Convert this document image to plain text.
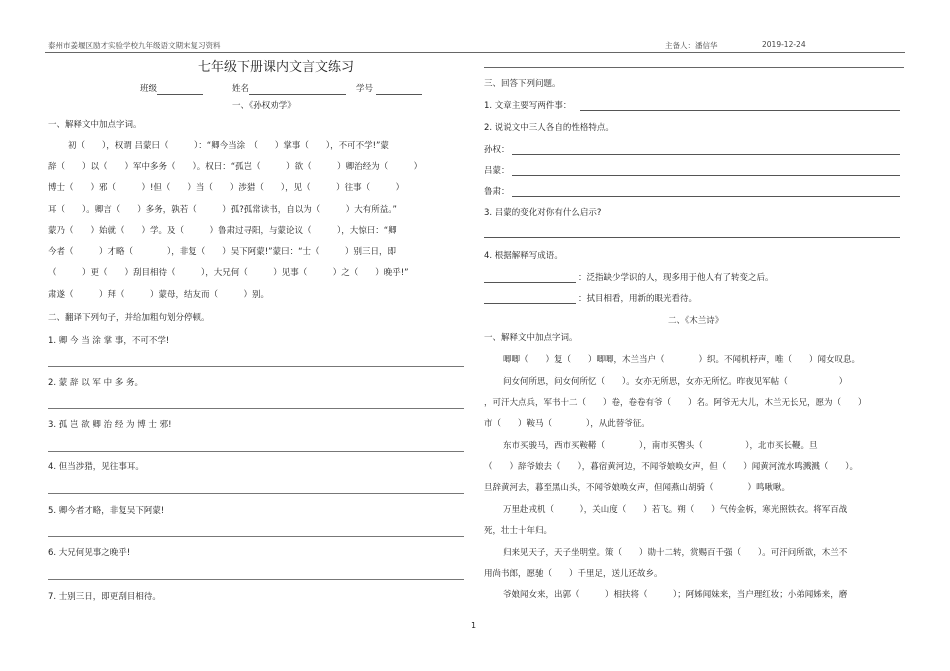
泰州市姜堰区励才实验学校九年级语文期末复习资料	主备人：潘信华	2019-12-24
七年级下册课内文言文练习
班级	姓名	学号
一、《孙权劝学》
一、解释文中加点字词。
初（　　），权谓 吕蒙曰（　　　）：“卿今当涂　（　　）掌事（　　），不可不学!”蒙
辞（　　）以（　　）军中多务（　　）。权曰：“孤岂（　　　）欲（　　　）卿治经为（　　　）
博士（　　）邪（　　　）!但（　　）当（　　）涉猎（　　），见（　　　）往事（　　　）
耳（　　）。卿言（　　）多务，孰若（　　　）孤?孤常读书，自以为（　　　）大有所益。”
蒙乃（　　）始就（　　）学。及（　　　）鲁肃过寻阳，与蒙论议（　　　），大惊曰：“卿
今者（　　　）才略（　　　　），非复（　　）吴下阿蒙!”蒙曰：“士（　　　）别三日，即
（　　　）更（　　）刮目相待（　　　），大兄何（　　　）见事（　　　）之（　　）晚乎!”
肃遂（　　　）拜（　　　）蒙母，结友而（　　　）别。
二、翻译下列句子，并给加粗句划分停顿。
1. 卿 今 当 涂 掌 事，不可不学!
2. 蒙 辞 以 军 中 多 务。
3. 孤 岂 欲 卿 治 经 为 博 士 邪!
4. 但当涉猎，见往事耳。
5. 卿今者才略，非复吴下阿蒙!
6. 大兄何见事之晚乎!
7. 士别三日，即更刮目相待。
三、回答下列问题。
1. 文章主要写两件事：
2. 说说文中三人各自的性格特点。
孙权：
吕蒙：
鲁肃：
3. 吕蒙的变化对你有什么启示?
4. 根据解释写成语。
：泛指缺少学识的人，现多用于他人有了转变之后。
：拭目相看，用新的眼光看待。
二、《木兰诗》
一、解释文中加点字词。
唧唧（　　）复（　　）唧唧，木兰当户（　　　　）织。不闻机杼声，唯（　　）闻女叹息。
问女何所思，问女何所忆（　　）。女亦无所思，女亦无所忆。昨夜见军帖（　　　　　　）
，可汗大点兵，军书十二（　　）卷，卷卷有爷（　　）名。阿爷无大儿，木兰无长兄，愿为（　　）
市（　　）鞍马（　　　　），从此替爷征。
东市买骏马，西市买鞍鞯（　　　　），南市买辔头（　　　　　），北市买长鞭。旦
（　　）辞爷娘去（　　），暮宿黄河边，不闻爷娘唤女声，但（　　）闻黄河流水鸣溅溅（　　）。
旦辞黄河去，暮至黑山头，不闻爷娘唤女声，但闻燕山胡骑（　　　　）鸣啾啾。
万里赴戎机（　　　），关山度（　　）若飞。朔（　　）气传金柝，寒光照铁衣。将军百战
死，壮士十年归。
归来见天子，天子坐明堂。策（　　）勋十二转，赏赐百千强（　　）。可汗问所欲，木兰不
用尚书郎，愿驰（　　）千里足，送儿还故乡。
爷娘闻女来，出郭（　　　）相扶将（　　　）；阿姊闻妹来，当户理红妆；小弟闻姊来，磨
1
